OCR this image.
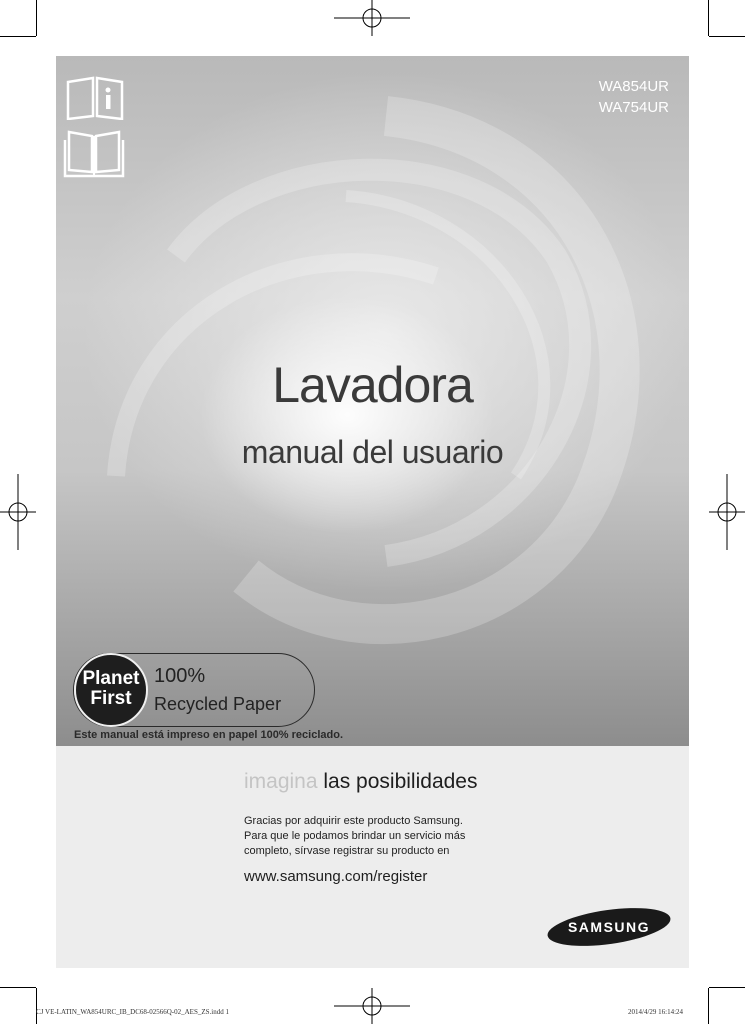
WA854UR
WA754UR
Lavadora
manual del usuario
Planet
First
100%
Recycled Paper
Este manual está impreso en papel 100% reciclado.
imagina las posibilidades
Gracias por adquirir este producto Samsung.
Para que le podamos brindar un servicio más
completo, sírvase registrar su producto en
www.samsung.com/register
SAMSUNG
CJ VE-LATIN_WA854URC_IB_DC68-02566Q-02_AES_ZS.indd 1	2014/4/29 16:14:24
